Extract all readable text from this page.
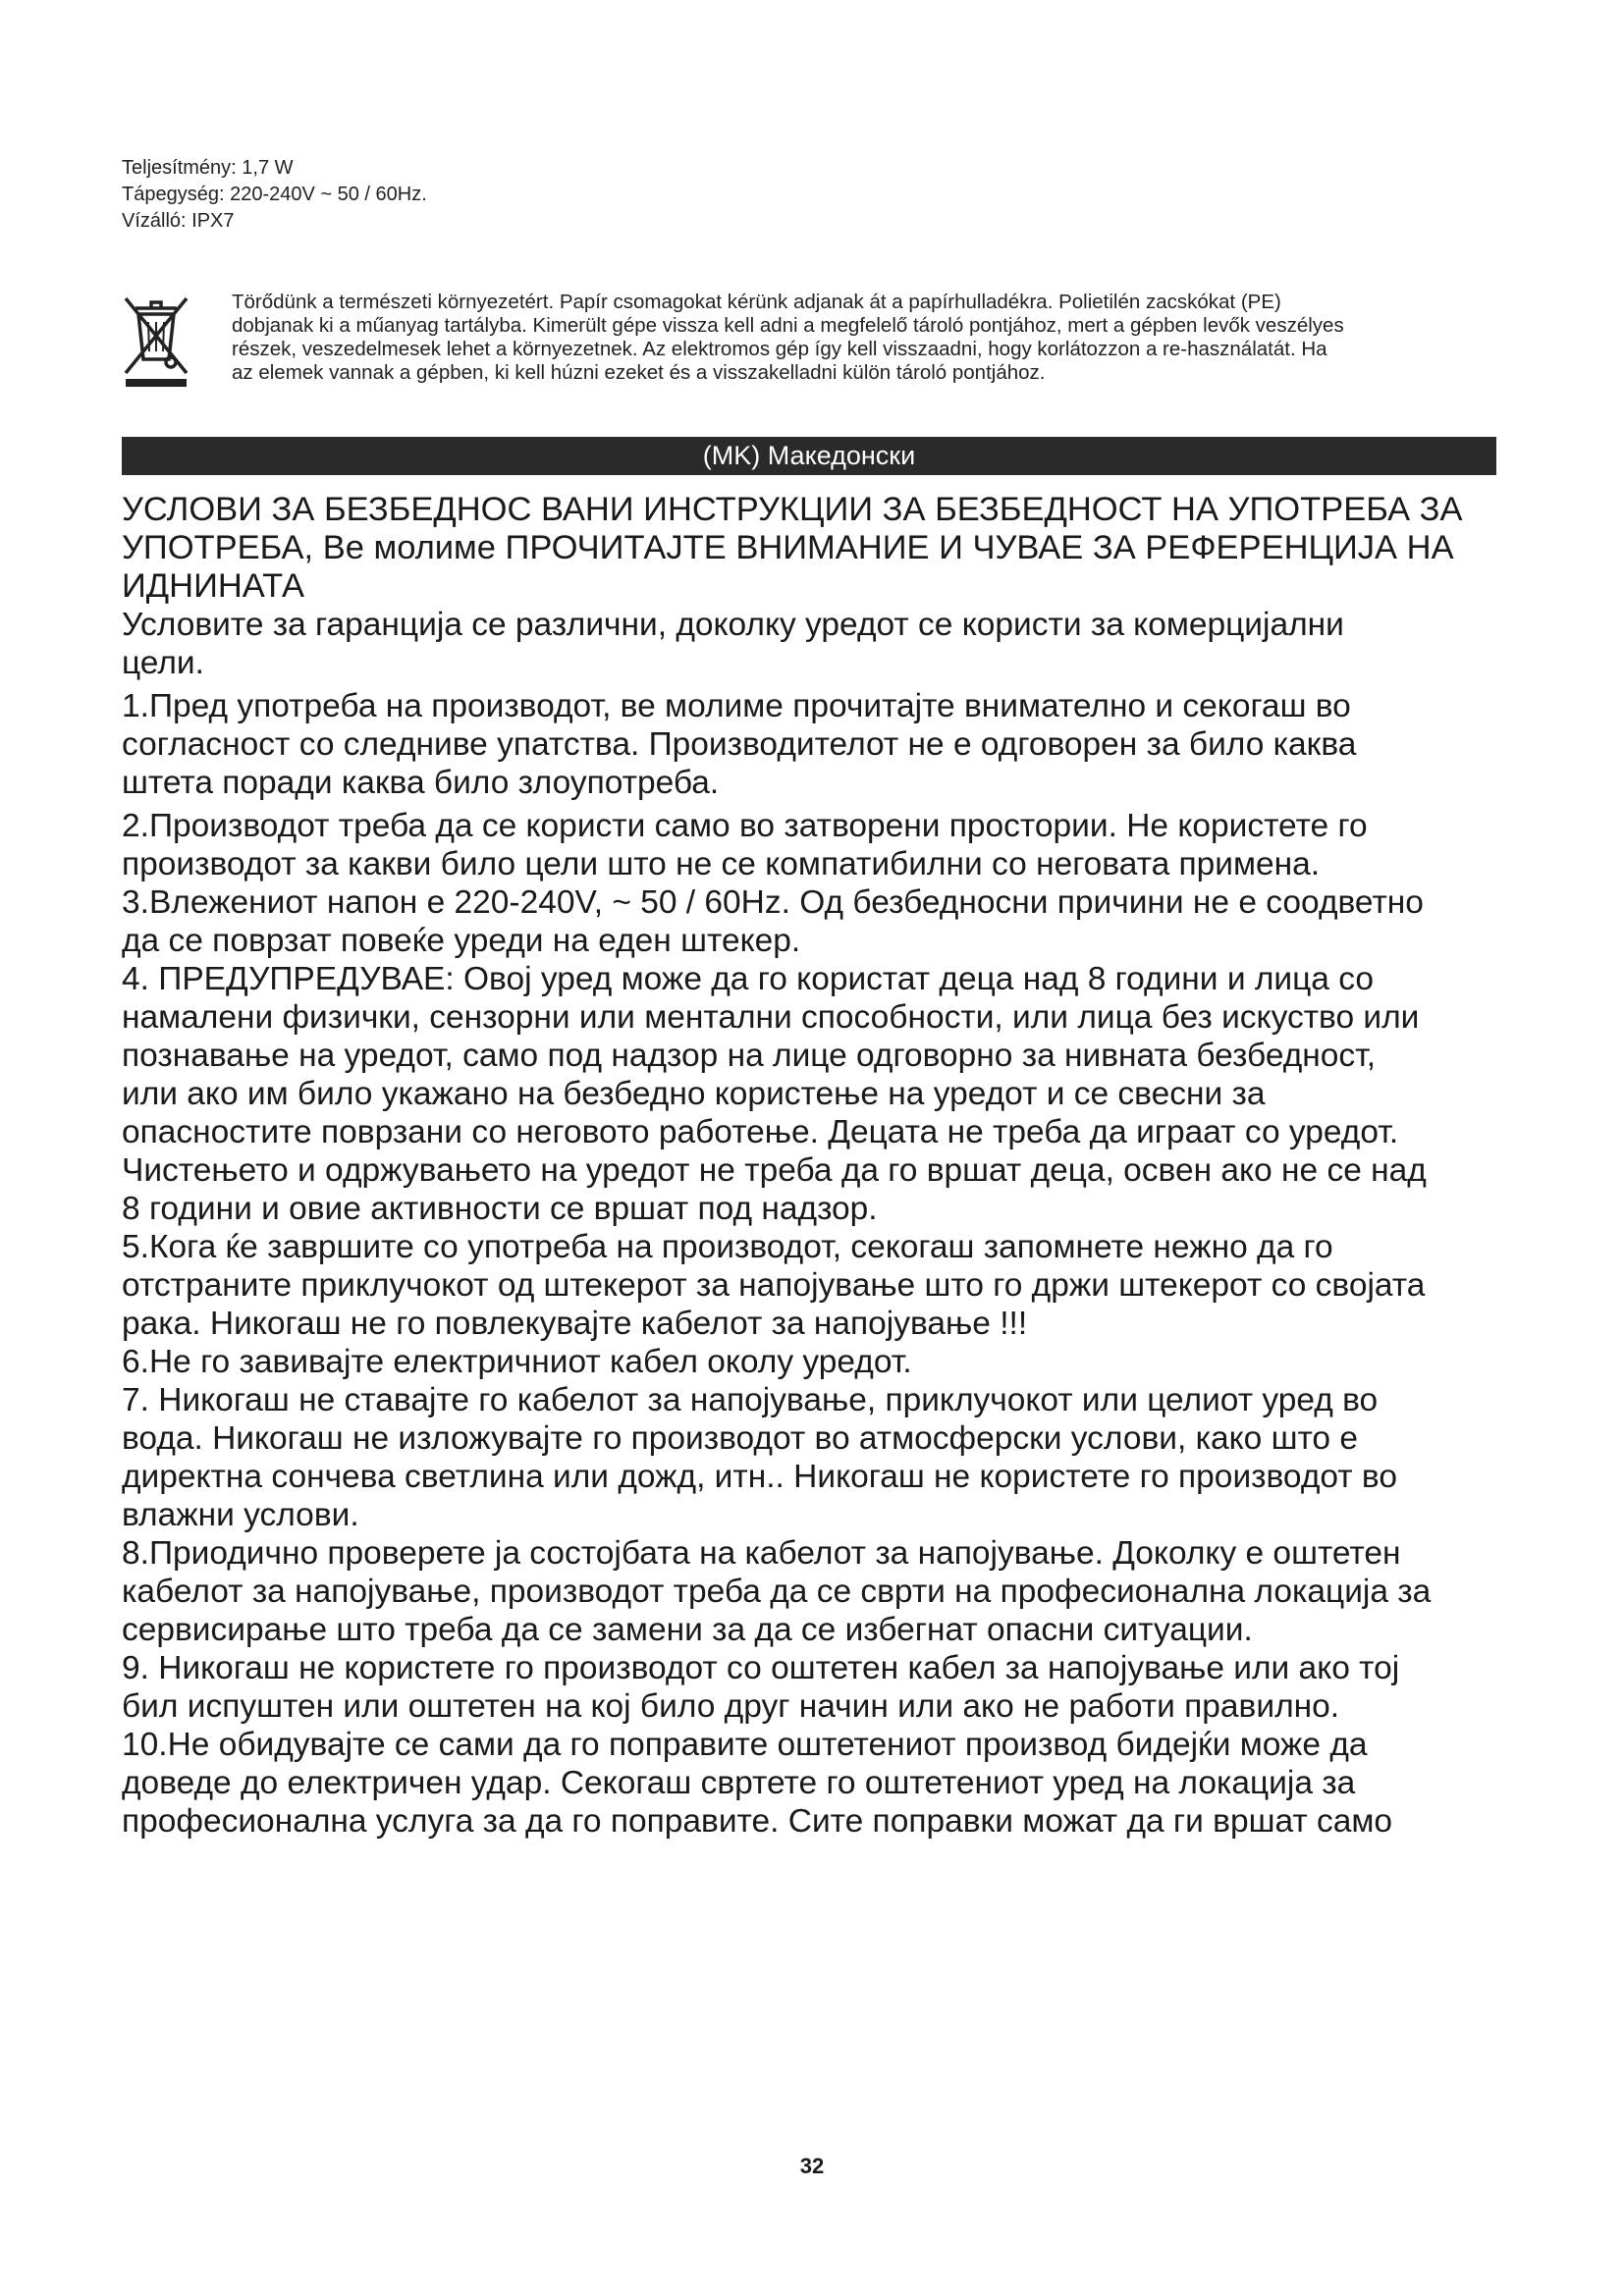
Teljesítmény: 1,7 W
Tápegység: 220-240V ~ 50 / 60Hz.
Vízálló: IPX7
Törődünk a természeti környezetért. Papír csomagokat kérünk adjanak át a papírhulladékra. Polietilén zacskókat (PE)
dobjanak ki a műanyag tartályba. Kimerült gépe vissza kell adni a megfelelő tároló pontjához, mert a gépben levők veszélyes
részek, veszedelmesek lehet a környezetnek. Az elektromos gép így kell visszaadni, hogy korlátozzon a re-használatát. Ha
az elemek vannak a gépben, ki kell húzni ezeket és a visszakelladni külön tároló pontjához.
(MK) Македонски
УСЛОВИ ЗА БЕЗБЕДНОС ВАНИ ИНСТРУКЦИИ ЗА БЕЗБЕДНОСТ НА УПОТРЕБА ЗА
УПОТРЕБА, Ве молиме ПРОЧИТАЈТЕ ВНИМАНИЕ И ЧУВАЕ ЗА РЕФЕРЕНЦИЈА НА
ИДНИНАТА
Условите за гаранција се различни, доколку уредот се користи за комерцијални
цели.
1.Пред употреба на производот, ве молиме прочитајте внимателно и секогаш во
согласност со следниве упатства. Производителот не е одговорен за било каква
штета поради каква било злоупотреба.
2.Производот треба да се користи само во затворени простории. Не користете го
производот за какви било цели што не се компатибилни со неговата примена.
3.Влежениот напон е 220-240V, ~ 50 / 60Hz. Од безбедносни причини не е соодветно
да се поврзат повеќе уреди на еден штекер.
4. ПРЕДУПРЕДУВАЕ: Овој уред може да го користат деца над 8 години и лица со
намалени физички, сензорни или ментални способности, или лица без искуство или
познавање на уредот, само под надзор на лице одговорно за нивната безбедност,
или ако им било укажано на безбедно користење на уредот и се свесни за
опасностите поврзани со неговото работење. Децата не треба да играат со уредот.
Чистењето и одржувањето на уредот не треба да го вршат деца, освен ако не се над
8 години и овие активности се вршат под надзор.
5.Кога ќе завршите со употреба на производот, секогаш запомнете нежно да го
отстраните приклучокот од штекерот за напојување што го држи штекерот со својата
рака. Никогаш не го повлекувајте кабелот за напојување !!!
6.Не го завивајте електричниот кабел околу уредот.
7. Никогаш не ставајте го кабелот за напојување, приклучокот или целиот уред во
вода. Никогаш не изложувајте го производот во атмосферски услови, како што е
директна сончева светлина или дожд, итн.. Никогаш не користете го производот во
влажни услови.
8.Приодично проверете ја состојбата на кабелот за напојување. Доколку е оштетен
кабелот за напојување, производот треба да се сврти на професионална локација за
сервисирање што треба да се замени за да се избегнат опасни ситуации.
9. Никогаш не користете го производот со оштетен кабел за напојување или ако тој
бил испуштен или оштетен на кој било друг начин или ако не работи правилно.
10.Не обидувајте се сами да го поправите оштетениот производ бидејќи може да
доведе до електричен удар. Секогаш свртете го оштетениот уред на локација за
професионална услуга за да го поправите. Сите поправки можат да ги вршат само
32
